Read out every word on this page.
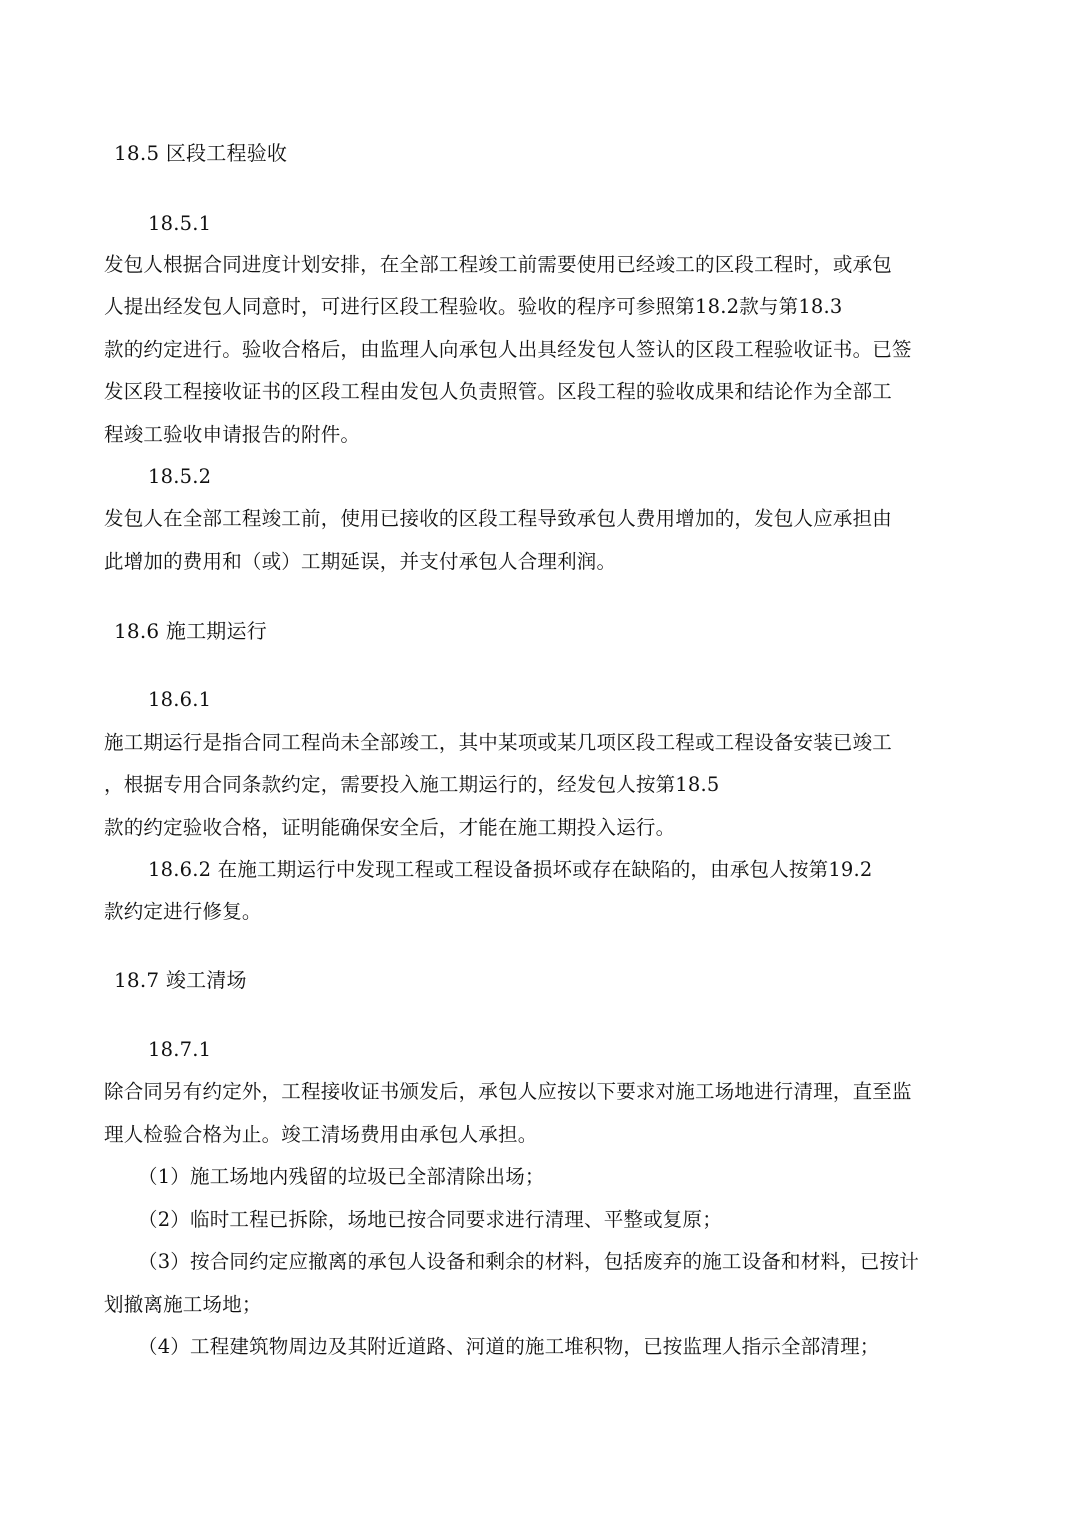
18.5 区段工程验收
18.5.1
发包人根据合同进度计划安排，在全部工程竣工前需要使用已经竣工的区段工程时，或承包
人提出经发包人同意时，可进行区段工程验收。验收的程序可参照第18.2款与第18.3
款的约定进行。验收合格后，由监理人向承包人出具经发包人签认的区段工程验收证书。已签
发区段工程接收证书的区段工程由发包人负责照管。区段工程的验收成果和结论作为全部工
程竣工验收申请报告的附件。
18.5.2
发包人在全部工程竣工前，使用已接收的区段工程导致承包人费用增加的，发包人应承担由
此增加的费用和（或）工期延误，并支付承包人合理利润。
18.6 施工期运行
18.6.1
施工期运行是指合同工程尚未全部竣工，其中某项或某几项区段工程或工程设备安装已竣工
，根据专用合同条款约定，需要投入施工期运行的，经发包人按第18.5
款的约定验收合格，证明能确保安全后，才能在施工期投入运行。
18.6.2 在施工期运行中发现工程或工程设备损坏或存在缺陷的，由承包人按第19.2
款约定进行修复。
18.7 竣工清场
18.7.1
除合同另有约定外，工程接收证书颁发后，承包人应按以下要求对施工场地进行清理，直至监
理人检验合格为止。竣工清场费用由承包人承担。
（1）施工场地内残留的垃圾已全部清除出场；
（2）临时工程已拆除，场地已按合同要求进行清理、平整或复原；
（3）按合同约定应撤离的承包人设备和剩余的材料，包括废弃的施工设备和材料，已按计
划撤离施工场地；
（4）工程建筑物周边及其附近道路、河道的施工堆积物，已按监理人指示全部清理；
